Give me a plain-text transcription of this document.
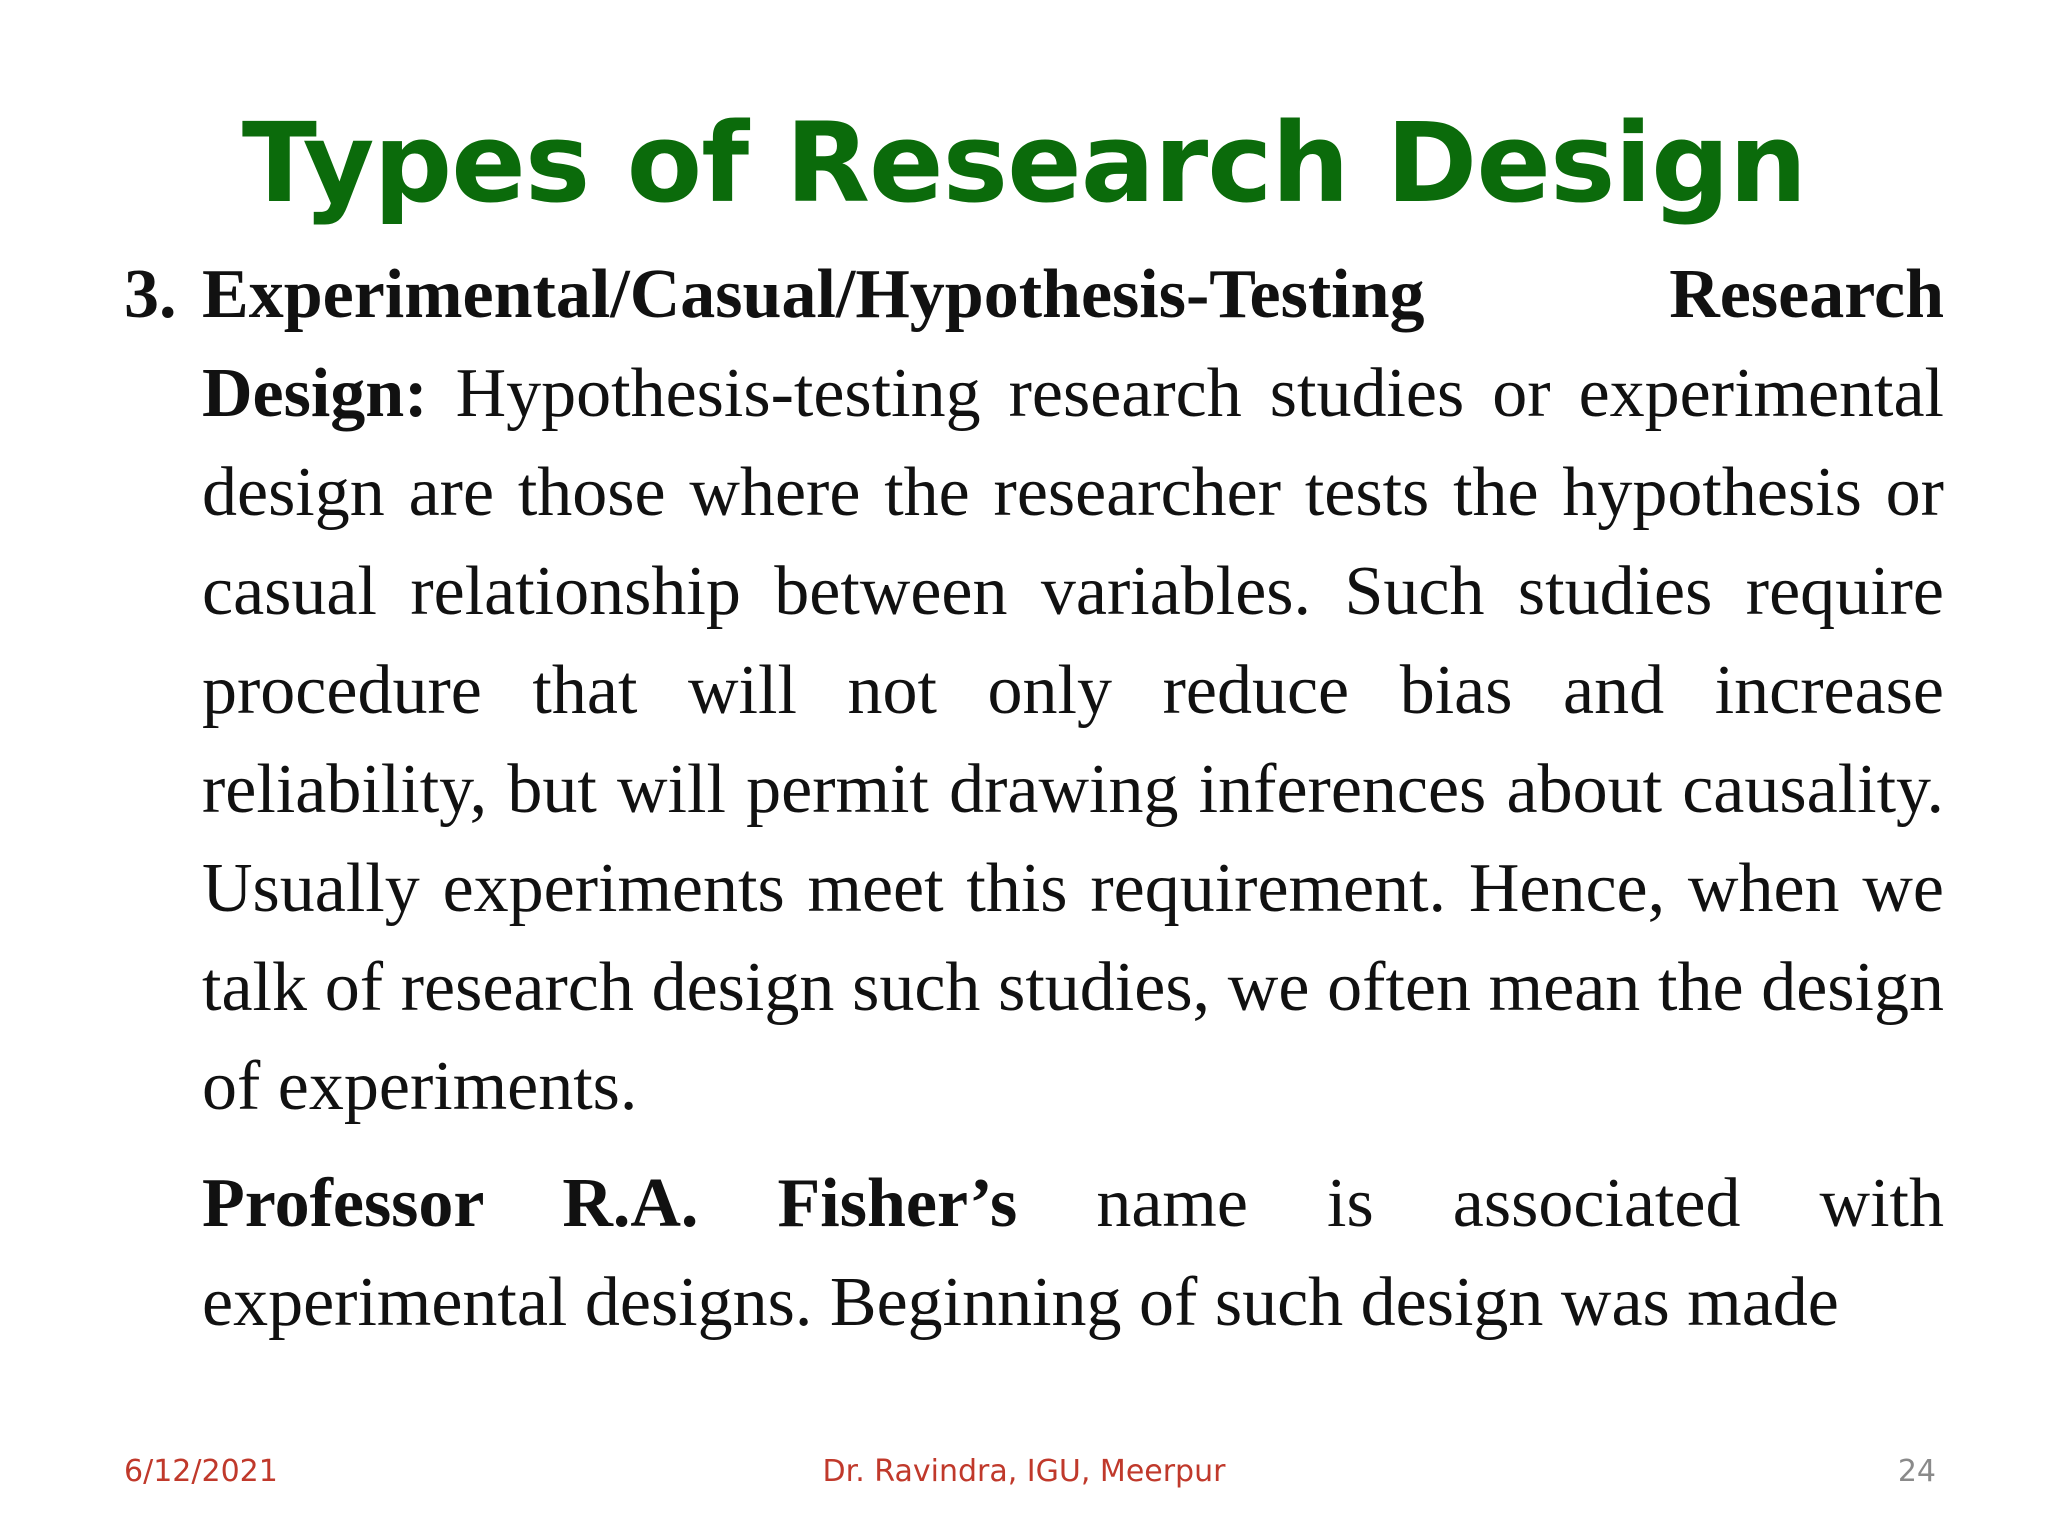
Types of Research Design
3. Experimental/Casual/Hypothesis-Testing Research Design: Hypothesis-testing research studies or experimental design are those where the researcher tests the hypothesis or casual relationship between variables. Such studies require procedure that will not only reduce bias and increase reliability, but will permit drawing inferences about causality. Usually experiments meet this requirement. Hence, when we talk of research design such studies, we often mean the design of experiments.
Professor R.A. Fisher’s name is associated with experimental designs. Beginning of such design was made
Dr. Ravindra, IGU, Meerpur
6/12/2021	24
